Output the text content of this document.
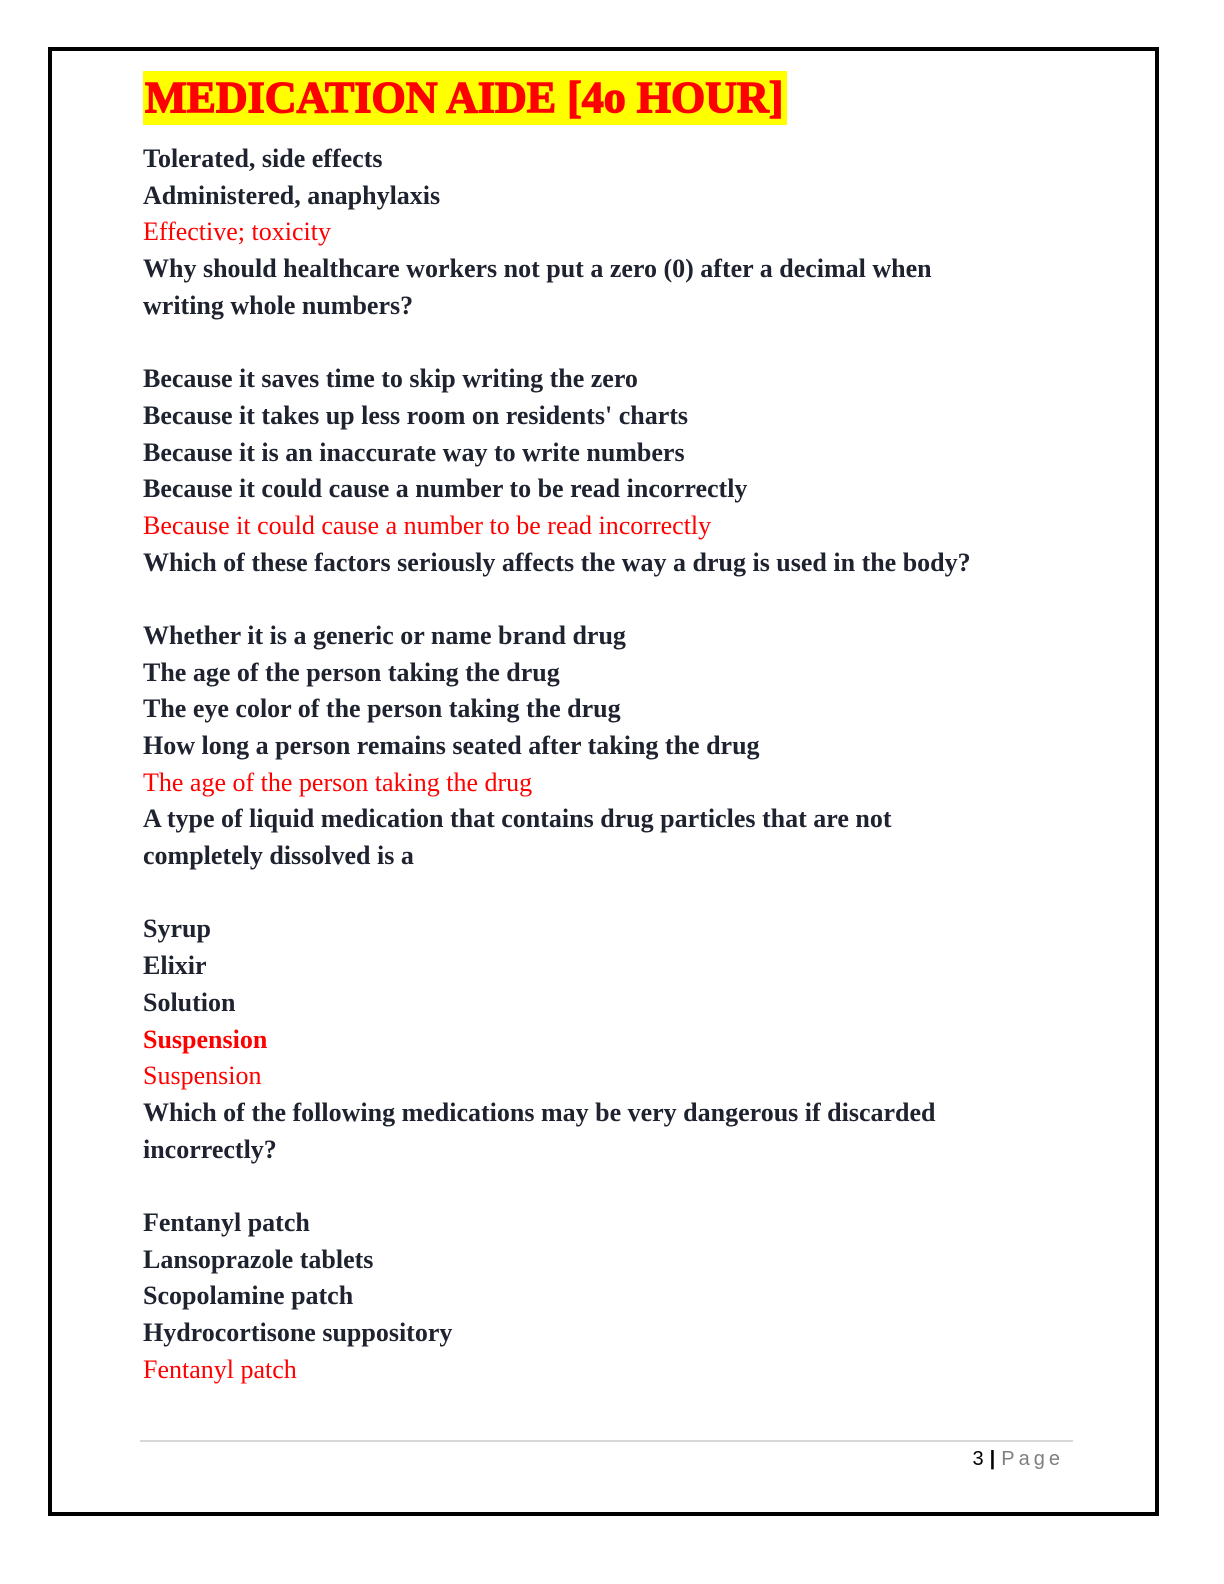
MEDICATION AIDE [4o HOUR]
Tolerated, side effects
Administered, anaphylaxis
Effective; toxicity
Why should healthcare workers not put a zero (0) after a decimal when
writing whole numbers?
Because it saves time to skip writing the zero
Because it takes up less room on residents' charts
Because it is an inaccurate way to write numbers
Because it could cause a number to be read incorrectly
Because it could cause a number to be read incorrectly
Which of these factors seriously affects the way a drug is used in the body?
Whether it is a generic or name brand drug
The age of the person taking the drug
The eye color of the person taking the drug
How long a person remains seated after taking the drug
The age of the person taking the drug
A type of liquid medication that contains drug particles that are not
completely dissolved is a
Syrup
Elixir
Solution
Suspension
Suspension
Which of the following medications may be very dangerous if discarded
incorrectly?
Fentanyl patch
Lansoprazole tablets
Scopolamine patch
Hydrocortisone suppository
Fentanyl patch
3 | Page
